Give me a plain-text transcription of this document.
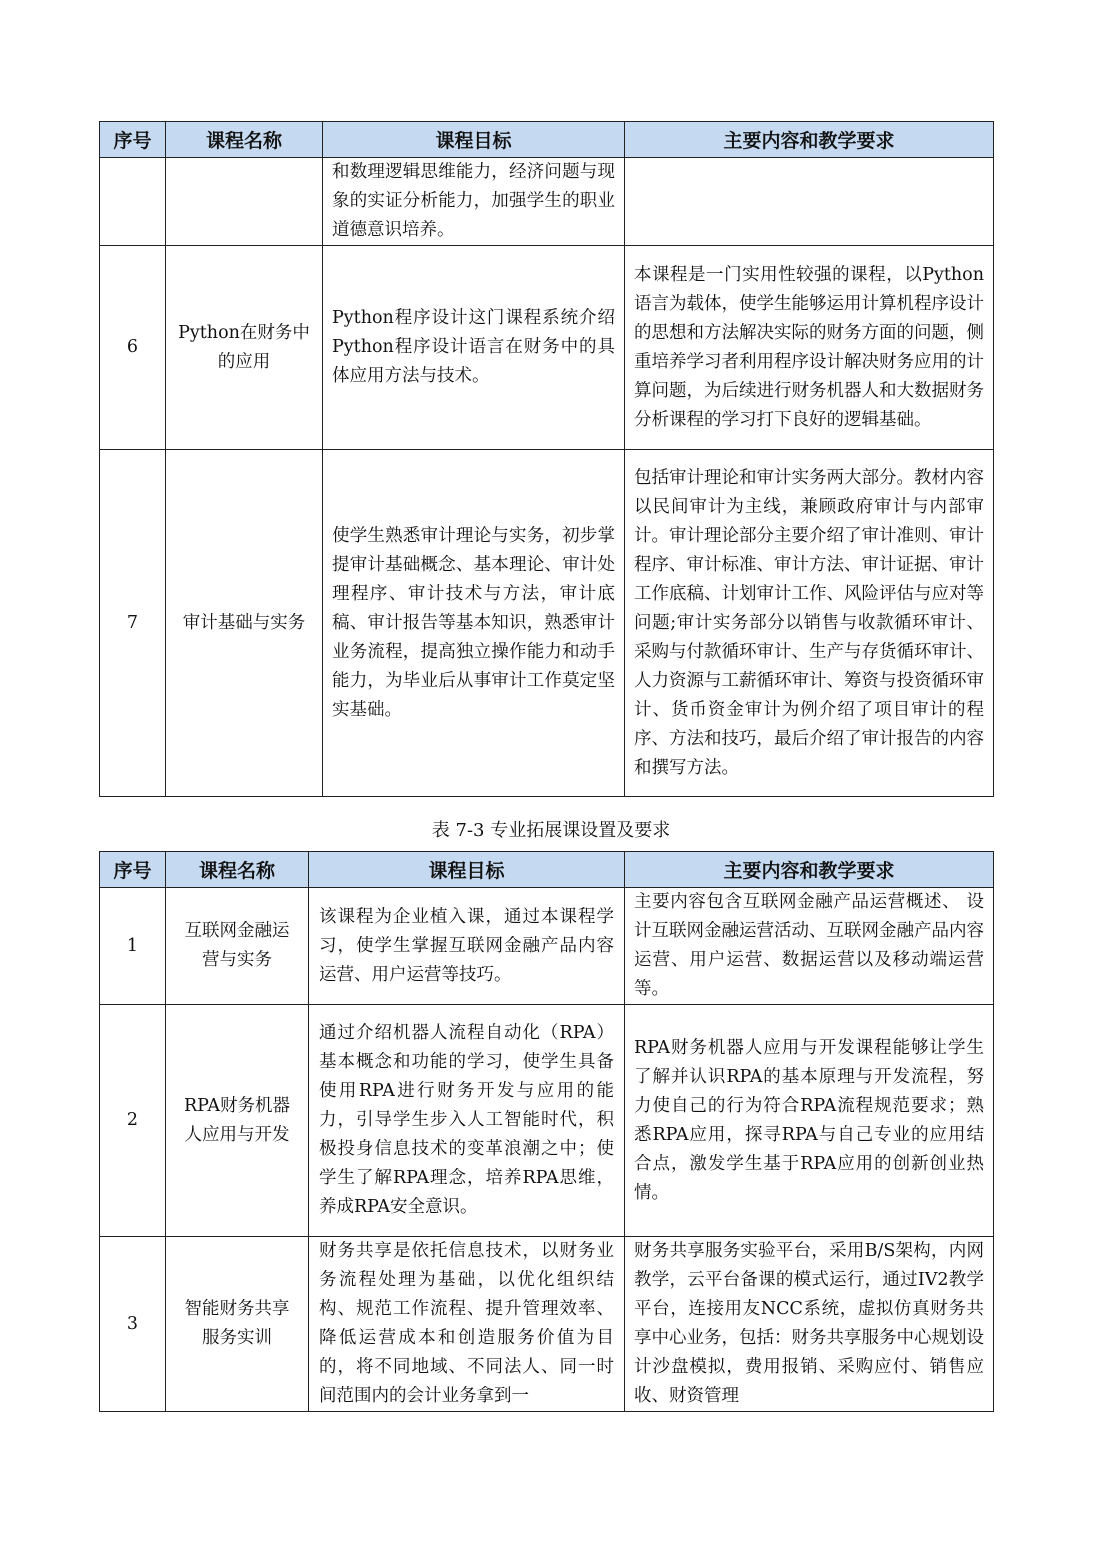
序号	课程名称	课程目标	主要内容和教学要求
		和数理逻辑思维能力，经济问题与现象的实证分析能力，加强学生的职业道德意识培养。	
6	Python在财务中的应用	Python程序设计这门课程系统介绍Python程序设计语言在财务中的具体应用方法与技术。	本课程是一门实用性较强的课程，以Python语言为载体，使学生能够运用计算机程序设计的思想和方法解决实际的财务方面的问题，侧重培养学习者利用程序设计解决财务应用的计算问题，为后续进行财务机器人和大数据财务分析课程的学习打下良好的逻辑基础。
7	审计基础与实务	使学生熟悉审计理论与实务，初步掌提审计基础概念、基本理论、审计处理程序、审计技术与方法，审计底稿、审计报告等基本知识，熟悉审计业务流程，提高独立操作能力和动手能力，为毕业后从事审计工作莫定坚实基础。	包括审计理论和审计实务两大部分。教材内容以民间审计为主线，兼顾政府审计与内部审计。审计理论部分主要介绍了审计准则、审计程序、审计标准、审计方法、审计证据、审计工作底稿、计划审计工作、风险评估与应对等问题;审计实务部分以销售与收款循环审计、采购与付款循环审计、生产与存货循环审计、人力资源与工薪循环审计、筹资与投资循环审计、货币资金审计为例介绍了项目审计的程序、方法和技巧，最后介绍了审计报告的内容和撰写方法。
表 7-3 专业拓展课设置及要求
序号	课程名称	课程目标	主要内容和教学要求
1	互联网金融运营与实务	该课程为企业植入课，通过本课程学习，使学生掌握互联网金融产品内容运营、用户运营等技巧。	主要内容包含互联网金融产品运营概述、 设计互联网金融运营活动、互联网金融产品内容运营、用户运营、数据运营以及移动端运营等。
2	RPA财务机器人应用与开发	通过介绍机器人流程自动化（RPA）基本概念和功能的学习，使学生具备使用RPA进行财务开发与应用的能力，引导学生步入人工智能时代，积极投身信息技术的变革浪潮之中；使学生了解RPA理念，培养RPA思维，养成RPA安全意识。	RPA财务机器人应用与开发课程能够让学生了解并认识RPA的基本原理与开发流程，努力使自己的行为符合RPA流程规范要求；熟悉RPA应用，探寻RPA与自己专业的应用结合点，激发学生基于RPA应用的创新创业热情。
3	智能财务共享服务实训	财务共享是依托信息技术，以财务业务流程处理为基础，以优化组织结构、规范工作流程、提升管理效率、降低运营成本和创造服务价值为目的，将不同地域、不同法人、同一时间范围内的会计业务拿到一	财务共享服务实验平台，采用B/S架构，内网教学，云平台备课的模式运行，通过IV2教学平台，连接用友NCC系统，虚拟仿真财务共享中心业务，包括：财务共享服务中心规划设计沙盘模拟，费用报销、采购应付、销售应收、财资管理
